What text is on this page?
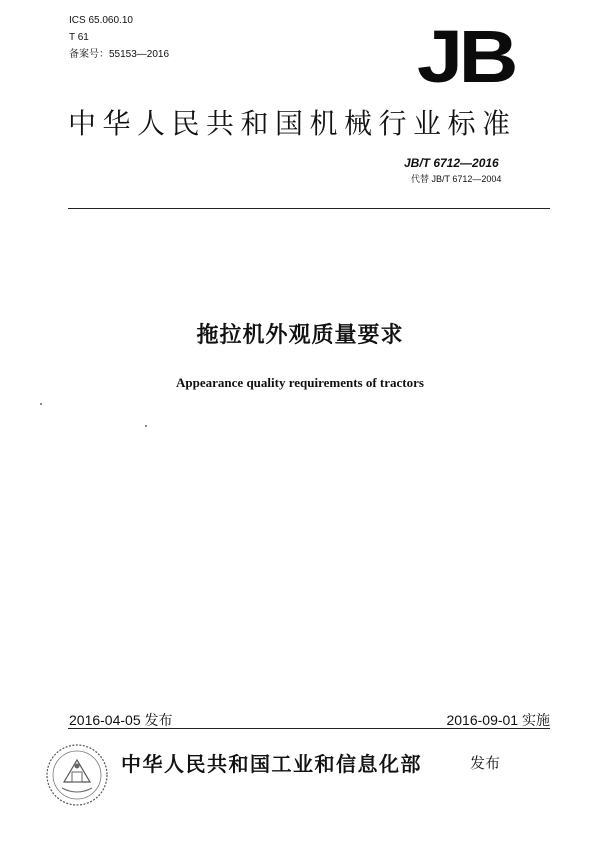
ICS 65.060.10
T 61
备案号：55153—2016	JB
中华人民共和国机械行业标准
JB/T 6712—2016
代替 JB/T 6712—2004
拖拉机外观质量要求
Appearance quality requirements of tractors
2016-04-05 发布	2016-09-01 实施
中华人民共和国工业和信息化部	发布
